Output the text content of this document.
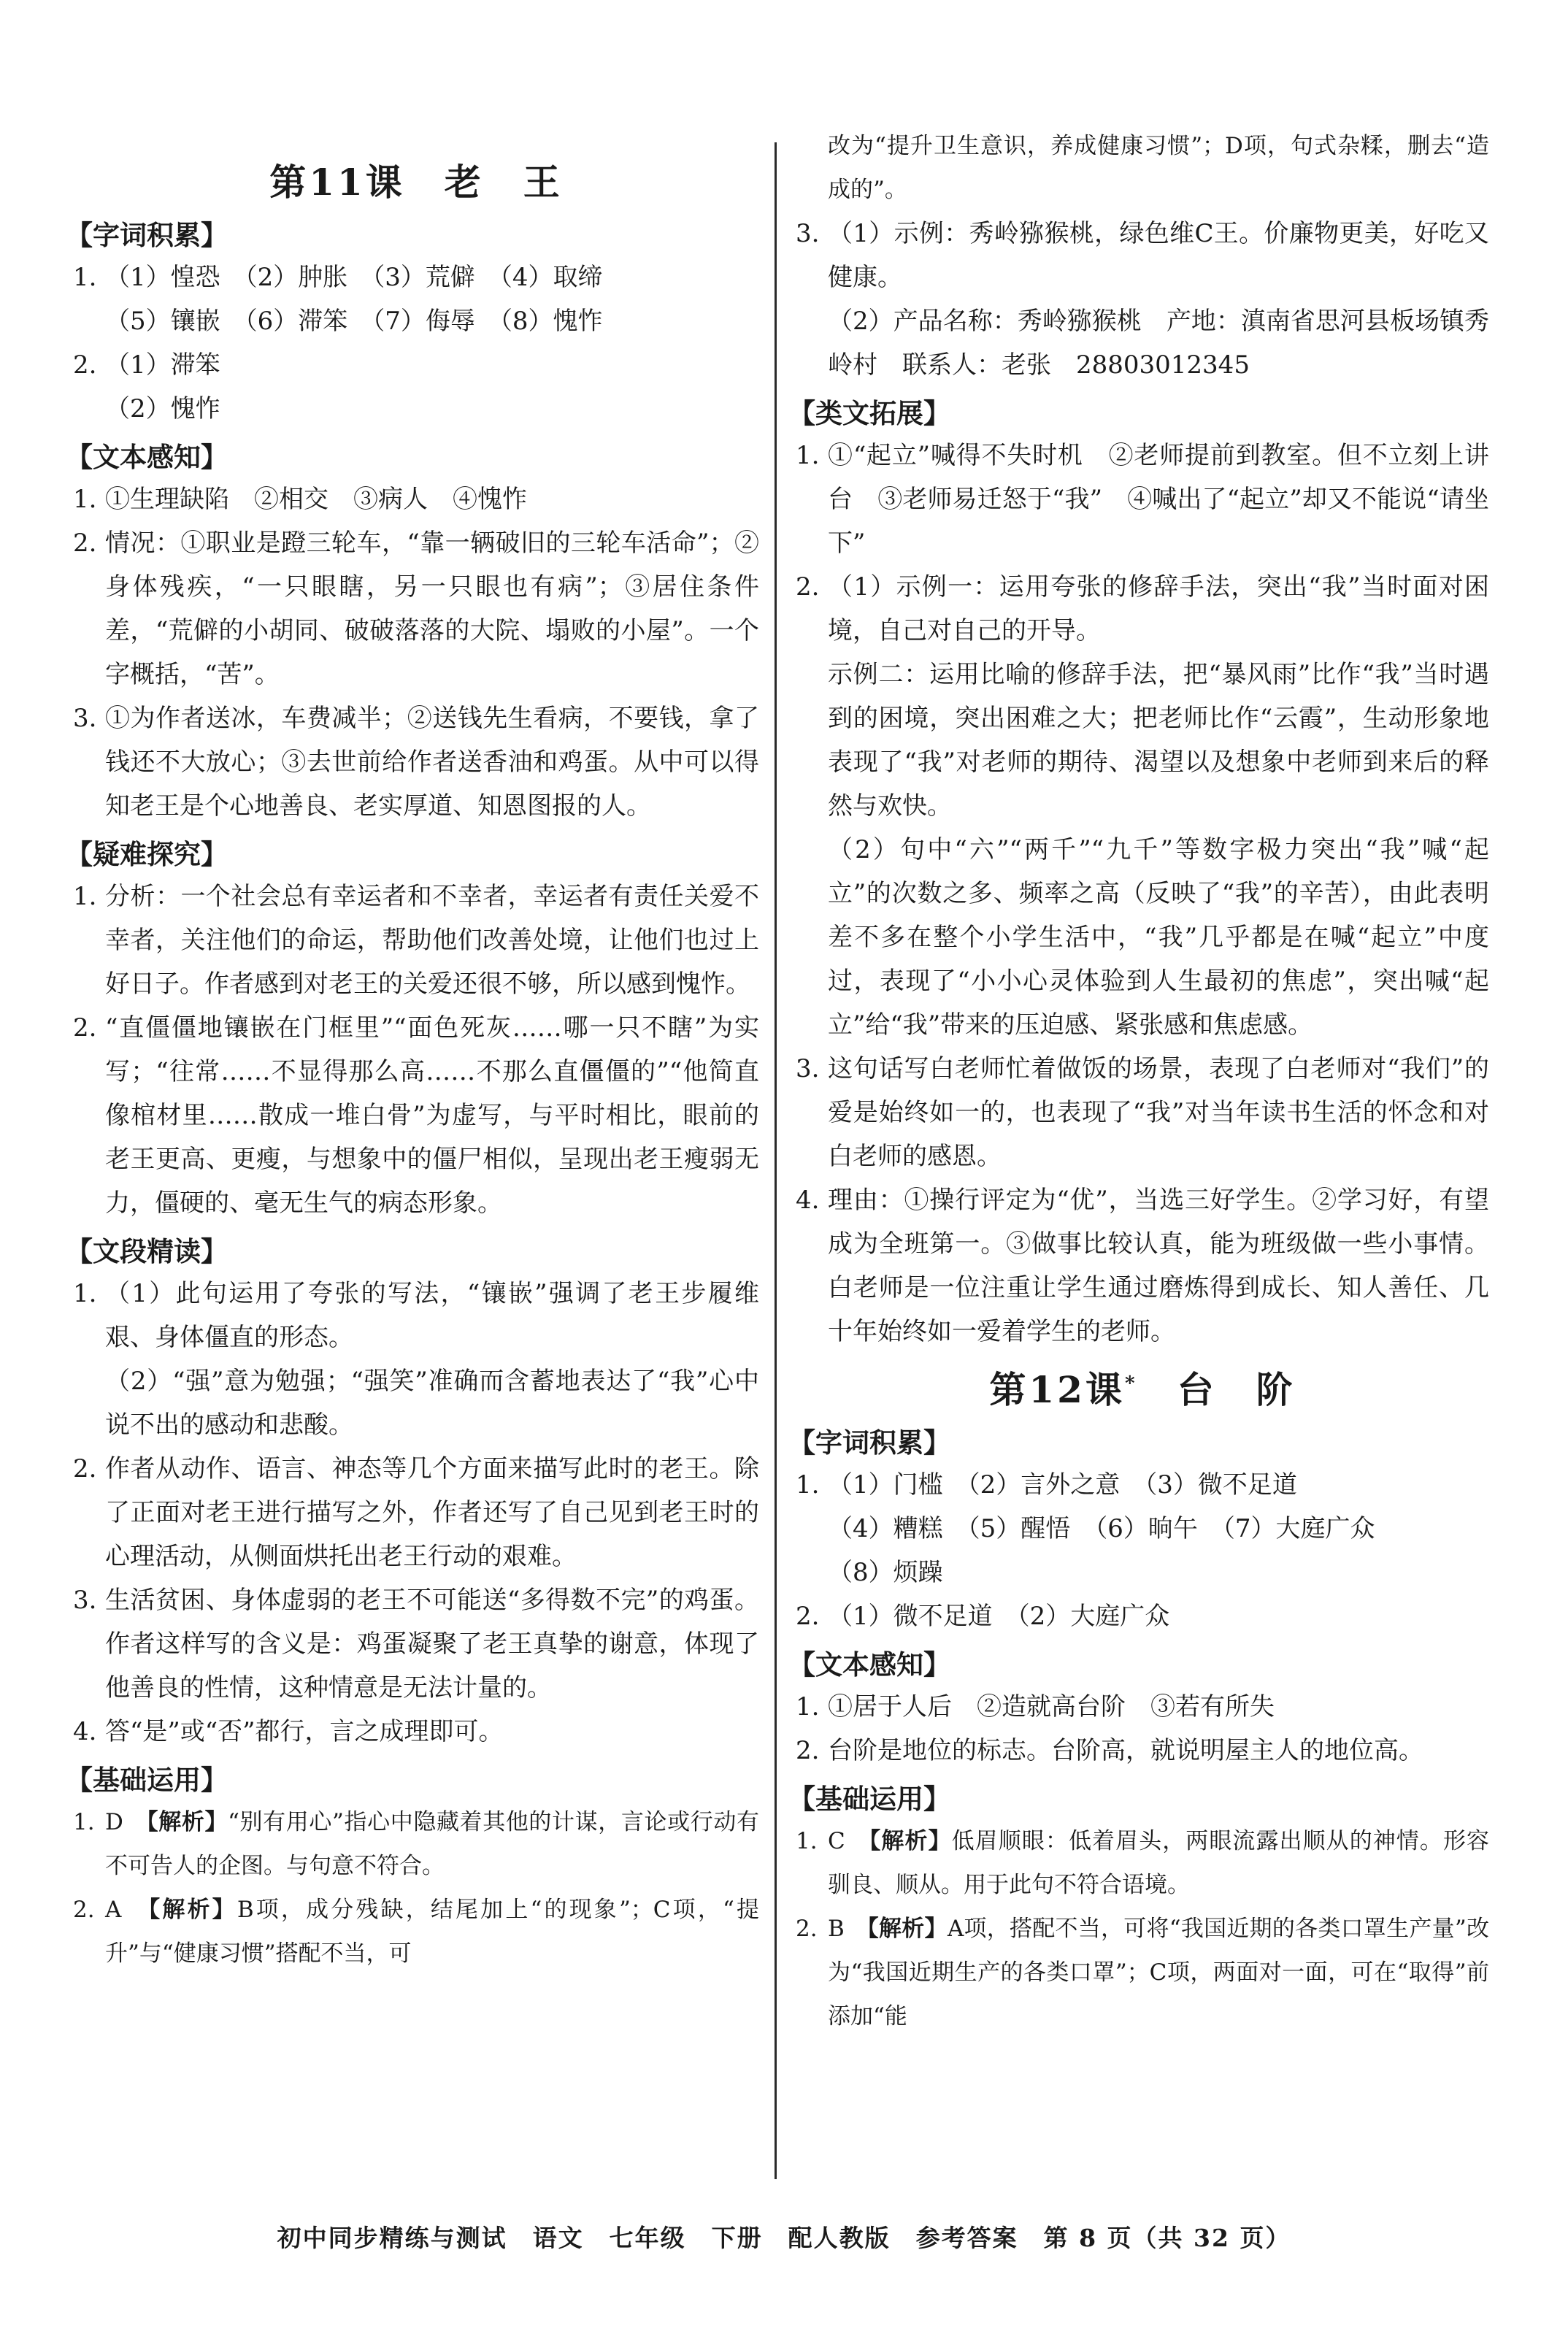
第11课　老　王
【字词积累】
1. （1）惶恐　（2）肿胀　（3）荒僻　（4）取缔
（5）镶嵌　（6）滞笨　（7）侮辱　（8）愧怍
2. （1）滞笨
（2）愧怍
【文本感知】
1. ①生理缺陷　②相交　③病人　④愧怍
2. 情况：①职业是蹬三轮车，“靠一辆破旧的三轮车活命”；②身体残疾，“一只眼瞎，另一只眼也有病”；③居住条件差，“荒僻的小胡同、破破落落的大院、塌败的小屋”。一个字概括，“苦”。
3. ①为作者送冰，车费减半；②送钱先生看病，不要钱，拿了钱还不大放心；③去世前给作者送香油和鸡蛋。从中可以得知老王是个心地善良、老实厚道、知恩图报的人。
【疑难探究】
1. 分析：一个社会总有幸运者和不幸者，幸运者有责任关爱不幸者，关注他们的命运，帮助他们改善处境，让他们也过上好日子。作者感到对老王的关爱还很不够，所以感到愧怍。
2. “直僵僵地镶嵌在门框里”“面色死灰……哪一只不瞎”为实写；“往常……不显得那么高……不那么直僵僵的”“他简直像棺材里……散成一堆白骨”为虚写，与平时相比，眼前的老王更高、更瘦，与想象中的僵尸相似，呈现出老王瘦弱无力，僵硬的、毫无生气的病态形象。
【文段精读】
1. （1）此句运用了夸张的写法，“镶嵌”强调了老王步履维艰、身体僵直的形态。
（2）“强”意为勉强；“强笑”准确而含蓄地表达了“我”心中说不出的感动和悲酸。
2. 作者从动作、语言、神态等几个方面来描写此时的老王。除了正面对老王进行描写之外，作者还写了自己见到老王时的心理活动，从侧面烘托出老王行动的艰难。
3. 生活贫困、身体虚弱的老王不可能送“多得数不完”的鸡蛋。作者这样写的含义是：鸡蛋凝聚了老王真挚的谢意，体现了他善良的性情，这种情意是无法计量的。
4. 答“是”或“否”都行，言之成理即可。
【基础运用】
1. D　【解析】“别有用心”指心中隐藏着其他的计谋，言论或行动有不可告人的企图。与句意不符合。
2. A　【解析】B项，成分残缺，结尾加上“的现象”；C项，“提升”与“健康习惯”搭配不当，可
改为“提升卫生意识，养成健康习惯”；D项，句式杂糅，删去“造成的”。
3. （1）示例：秀岭猕猴桃，绿色维C王。价廉物更美，好吃又健康。
（2）产品名称：秀岭猕猴桃　产地：滇南省思河县板场镇秀岭村　联系人：老张　28803012345
【类文拓展】
1. ①“起立”喊得不失时机　②老师提前到教室。但不立刻上讲台　③老师易迁怒于“我”　④喊出了“起立”却又不能说“请坐下”
2. （1）示例一：运用夸张的修辞手法，突出“我”当时面对困境，自己对自己的开导。
示例二：运用比喻的修辞手法，把“暴风雨”比作“我”当时遇到的困境，突出困难之大；把老师比作“云霞”，生动形象地表现了“我”对老师的期待、渴望以及想象中老师到来后的释然与欢快。
（2）句中“六”“两千”“九千”等数字极力突出“我”喊“起立”的次数之多、频率之高（反映了“我”的辛苦），由此表明差不多在整个小学生活中，“我”几乎都是在喊“起立”中度过，表现了“小小心灵体验到人生最初的焦虑”，突出喊“起立”给“我”带来的压迫感、紧张感和焦虑感。
3. 这句话写白老师忙着做饭的场景，表现了白老师对“我们”的爱是始终如一的，也表现了“我”对当年读书生活的怀念和对白老师的感恩。
4. 理由：①操行评定为“优”，当选三好学生。②学习好，有望成为全班第一。③做事比较认真，能为班级做一些小事情。白老师是一位注重让学生通过磨炼得到成长、知人善任、几十年始终如一爱着学生的老师。
第12课*　台　阶
【字词积累】
1. （1）门槛　（2）言外之意　（3）微不足道
（4）糟糕　（5）醒悟　（6）晌午　（7）大庭广众
（8）烦躁
2. （1）微不足道　（2）大庭广众
【文本感知】
1. ①居于人后　②造就高台阶　③若有所失
2. 台阶是地位的标志。台阶高，就说明屋主人的地位高。
【基础运用】
1. C　【解析】低眉顺眼：低着眉头，两眼流露出顺从的神情。形容驯良、顺从。用于此句不符合语境。
2. B　【解析】A项，搭配不当，可将“我国近期的各类口罩生产量”改为“我国近期生产的各类口罩”；C项，两面对一面，可在“取得”前添加“能
初中同步精练与测试　语文　七年级　下册　配人教版　参考答案　第 8 页（共 32 页）
